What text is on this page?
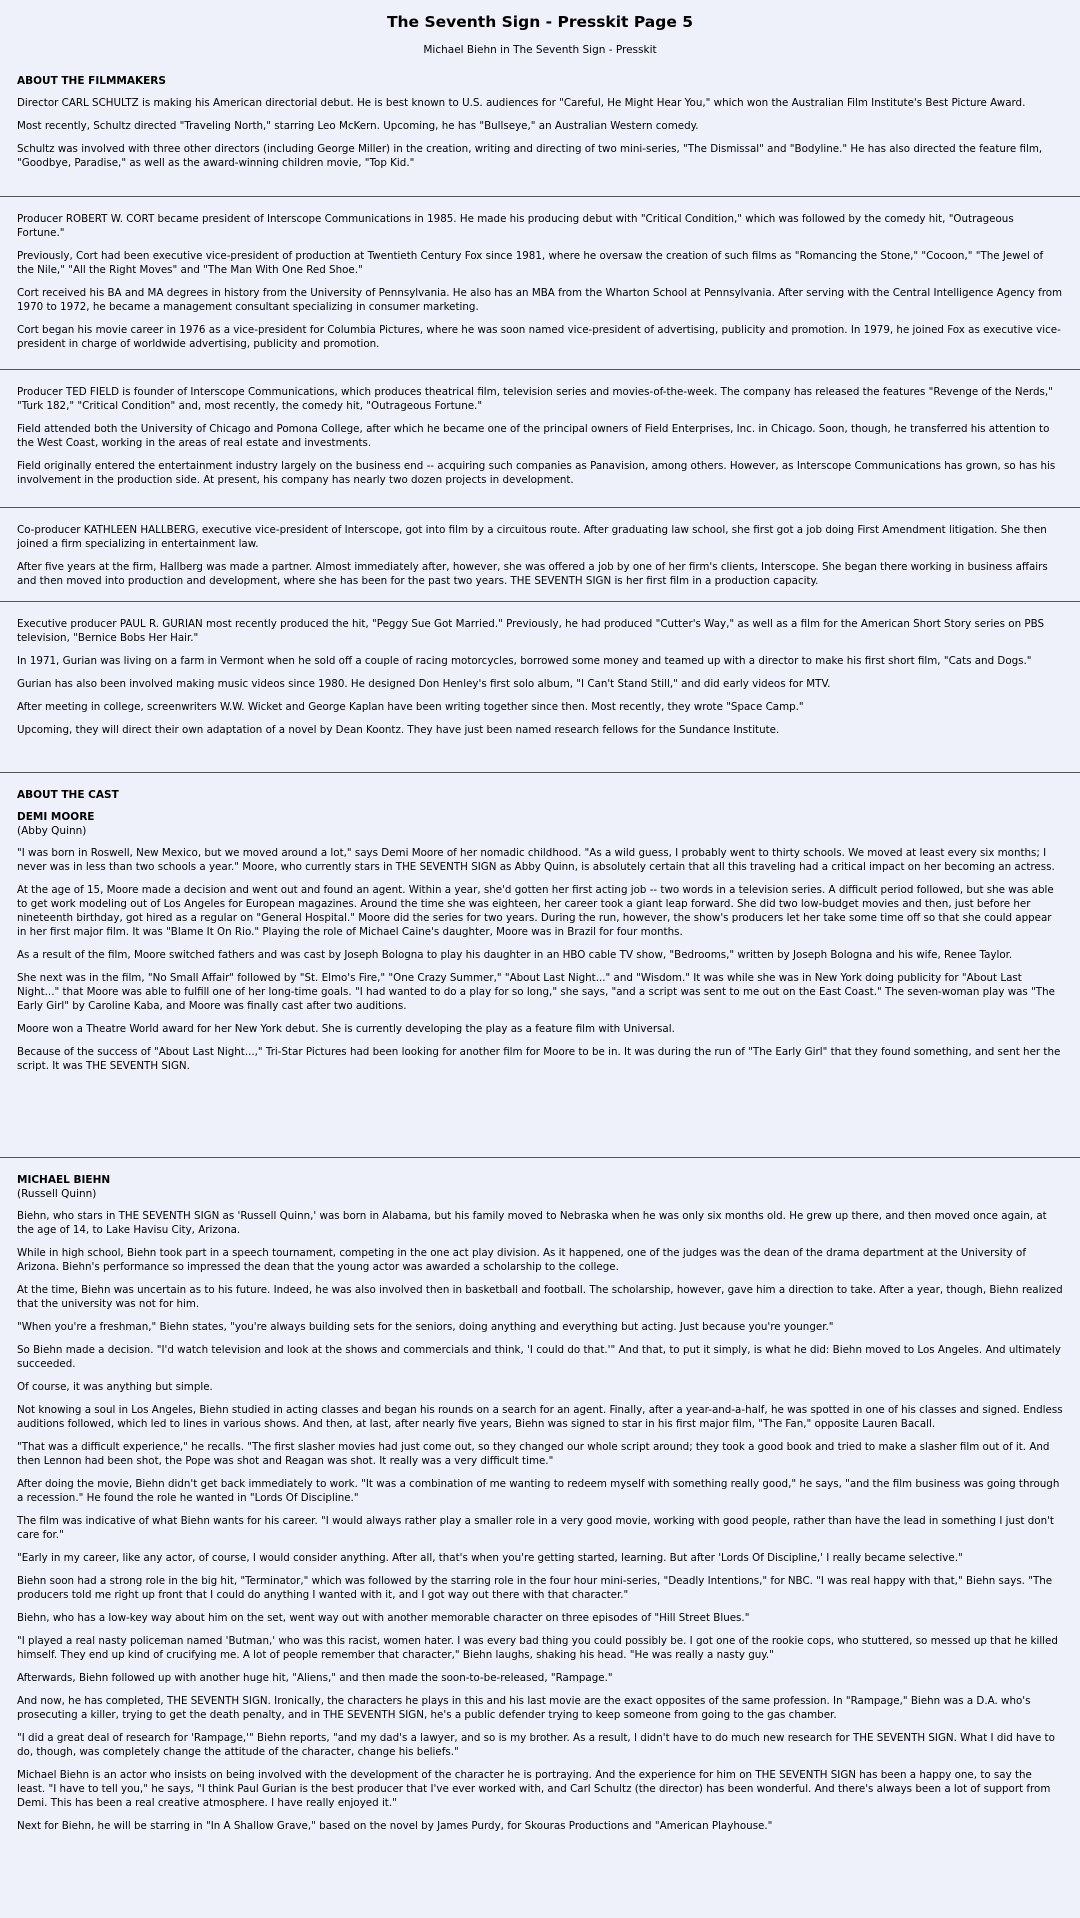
The Seventh Sign - Presskit Page 5
Michael Biehn in The Seventh Sign - Presskit
ABOUT THE FILMMAKERS

Director CARL SCHULTZ is making his American directorial debut. He is best known to U.S. audiences for "Careful, He Might Hear You," which won the Australian Film Institute's Best Picture Award.

Most recently, Schultz directed "Traveling North," starring Leo McKern. Upcoming, he has "Bullseye," an Australian Western comedy.

Schultz was involved with three other directors (including George Miller) in the creation, writing and directing of two mini-series, "The Dismissal" and "Bodyline." He has also directed the feature film, "Goodbye, Paradise," as well as the award-winning children movie, "Top Kid."

Producer ROBERT W. CORT became president of Interscope Communications in 1985. He made his producing debut with "Critical Condition," which was followed by the comedy hit, "Outrageous Fortune."

Previously, Cort had been executive vice-president of production at Twentieth Century Fox since 1981, where he oversaw the creation of such films as "Romancing the Stone," "Cocoon," "The Jewel of the Nile," "All the Right Moves" and "The Man With One Red Shoe."

Cort received his BA and MA degrees in history from the University of Pennsylvania. He also has an MBA from the Wharton School at Pennsylvania. After serving with the Central Intelligence Agency from 1970 to 1972, he became a management consultant specializing in consumer marketing.

Cort began his movie career in 1976 as a vice-president for Columbia Pictures, where he was soon named vice-president of advertising, publicity and promotion. In 1979, he joined Fox as executive vice-president in charge of worldwide advertising, publicity and promotion.

Producer TED FIELD is founder of Interscope Communications, which produces theatrical film, television series and movies-of-the-week. The company has released the features "Revenge of the Nerds," "Turk 182," "Critical Condition" and, most recently, the comedy hit, "Outrageous Fortune."

Field attended both the University of Chicago and Pomona College, after which he became one of the principal owners of Field Enterprises, Inc. in Chicago. Soon, though, he transferred his attention to the West Coast, working in the areas of real estate and investments.

Field originally entered the entertainment industry largely on the business end -- acquiring such companies as Panavision, among others. However, as Interscope Communications has grown, so has his involvement in the production side. At present, his company has nearly two dozen projects in development.

Co-producer KATHLEEN HALLBERG, executive vice-president of Interscope, got into film by a circuitous route. After graduating law school, she first got a job doing First Amendment litigation. She then joined a firm specializing in entertainment law.

After five years at the firm, Hallberg was made a partner. Almost immediately after, however, she was offered a job by one of her firm's clients, Interscope. She began there working in business affairs and then moved into production and development, where she has been for the past two years. THE SEVENTH SIGN is her first film in a production capacity.

Executive producer PAUL R. GURIAN most recently produced the hit, "Peggy Sue Got Married." Previously, he had produced "Cutter's Way," as well as a film for the American Short Story series on PBS television, "Bernice Bobs Her Hair."

In 1971, Gurian was living on a farm in Vermont when he sold off a couple of racing motorcycles, borrowed some money and teamed up with a director to make his first short film, "Cats and Dogs."

Gurian has also been involved making music videos since 1980. He designed Don Henley's first solo album, "I Can't Stand Still," and did early videos for MTV.

After meeting in college, screenwriters W.W. Wicket and George Kaplan have been writing together since then. Most recently, they wrote "Space Camp."

Upcoming, they will direct their own adaptation of a novel by Dean Koontz. They have just been named research fellows for the Sundance Institute.

ABOUT THE CAST
DEMI MOORE
(Abby Quinn)

"I was born in Roswell, New Mexico, but we moved around a lot," says Demi Moore of her nomadic childhood. "As a wild guess, I probably went to thirty schools. We moved at least every six months; I never was in less than two schools a year." Moore, who currently stars in THE SEVENTH SIGN as Abby Quinn, is absolutely certain that all this traveling had a critical impact on her becoming an actress.

At the age of 15, Moore made a decision and went out and found an agent. Within a year, she'd gotten her first acting job -- two words in a television series. A difficult period followed, but she was able to get work modeling out of Los Angeles for European magazines. Around the time she was eighteen, her career took a giant leap forward. She did two low-budget movies and then, just before her nineteenth birthday, got hired as a regular on "General Hospital." Moore did the series for two years. During the run, however, the show's producers let her take some time off so that she could appear in her first major film. It was "Blame It On Rio." Playing the role of Michael Caine's daughter, Moore was in Brazil for four months.

As a result of the film, Moore switched fathers and was cast by Joseph Bologna to play his daughter in an HBO cable TV show, "Bedrooms," written by Joseph Bologna and his wife, Renee Taylor.

She next was in the film, "No Small Affair" followed by "St. Elmo's Fire," "One Crazy Summer," "About Last Night..." and "Wisdom." It was while she was in New York doing publicity for "About Last Night..." that Moore was able to fulfill one of her long-time goals. "I had wanted to do a play for so long," she says, "and a script was sent to me out on the East Coast." The seven-woman play was "The Early Girl" by Caroline Kaba, and Moore was finally cast after two auditions.

Moore won a Theatre World award for her New York debut. She is currently developing the play as a feature film with Universal.

Because of the success of "About Last Night...," Tri-Star Pictures had been looking for another film for Moore to be in. It was during the run of "The Early Girl" that they found something, and sent her the script. It was THE SEVENTH SIGN.

MICHAEL BIEHN
(Russell Quinn)

Biehn, who stars in THE SEVENTH SIGN as 'Russell Quinn,' was born in Alabama, but his family moved to Nebraska when he was only six months old. He grew up there, and then moved once again, at the age of 14, to Lake Havisu City, Arizona.

While in high school, Biehn took part in a speech tournament, competing in the one act play division. As it happened, one of the judges was the dean of the drama department at the University of Arizona. Biehn's performance so impressed the dean that the young actor was awarded a scholarship to the college.

At the time, Biehn was uncertain as to his future. Indeed, he was also involved then in basketball and football. The scholarship, however, gave him a direction to take. After a year, though, Biehn realized that the university was not for him.

"When you're a freshman," Biehn states, "you're always building sets for the seniors, doing anything and everything but acting. Just because you're younger."

So Biehn made a decision. "I'd watch television and look at the shows and commercials and think, 'I could do that.'" And that, to put it simply, is what he did: Biehn moved to Los Angeles. And ultimately succeeded.

Of course, it was anything but simple.

Not knowing a soul in Los Angeles, Biehn studied in acting classes and began his rounds on a search for an agent. Finally, after a year-and-a-half, he was spotted in one of his classes and signed. Endless auditions followed, which led to lines in various shows. And then, at last, after nearly five years, Biehn was signed to star in his first major film, "The Fan," opposite Lauren Bacall.

"That was a difficult experience," he recalls. "The first slasher movies had just come out, so they changed our whole script around; they took a good book and tried to make a slasher film out of it. And then Lennon had been shot, the Pope was shot and Reagan was shot. It really was a very difficult time."

After doing the movie, Biehn didn't get back immediately to work. "It was a combination of me wanting to redeem myself with something really good," he says, "and the film business was going through a recession." He found the role he wanted in "Lords Of Discipline."

The film was indicative of what Biehn wants for his career. "I would always rather play a smaller role in a very good movie, working with good people, rather than have the lead in something I just don't care for."

"Early in my career, like any actor, of course, I would consider anything. After all, that's when you're getting started, learning. But after 'Lords Of Discipline,' I really became selective."

Biehn soon had a strong role in the big hit, "Terminator," which was followed by the starring role in the four hour mini-series, "Deadly Intentions," for NBC. "I was real happy with that," Biehn says. "The producers told me right up front that I could do anything I wanted with it, and I got way out there with that character."

Biehn, who has a low-key way about him on the set, went way out with another memorable character on three episodes of "Hill Street Blues."

"I played a real nasty policeman named 'Butman,' who was this racist, women hater. I was every bad thing you could possibly be. I got one of the rookie cops, who stuttered, so messed up that he killed himself. They end up kind of crucifying me. A lot of people remember that character," Biehn laughs, shaking his head. "He was really a nasty guy."

Afterwards, Biehn followed up with another huge hit, "Aliens," and then made the soon-to-be-released, "Rampage."

And now, he has completed, THE SEVENTH SIGN. Ironically, the characters he plays in this and his last movie are the exact opposites of the same profession. In "Rampage," Biehn was a D.A. who's prosecuting a killer, trying to get the death penalty, and in THE SEVENTH SIGN, he's a public defender trying to keep someone from going to the gas chamber.

"I did a great deal of research for 'Rampage,'" Biehn reports, "and my dad's a lawyer, and so is my brother. As a result, I didn't have to do much new research for THE SEVENTH SIGN. What I did have to do, though, was completely change the attitude of the character, change his beliefs."

Michael Biehn is an actor who insists on being involved with the development of the character he is portraying. And the experience for him on THE SEVENTH SIGN has been a happy one, to say the least. "I have to tell you," he says, "I think Paul Gurian is the best producer that I've ever worked with, and Carl Schultz (the director) has been wonderful. And there's always been a lot of support from Demi. This has been a real creative atmosphere. I have really enjoyed it."

Next for Biehn, he will be starring in "In A Shallow Grave," based on the novel by James Purdy, for Skouras Productions and "American Playhouse."
